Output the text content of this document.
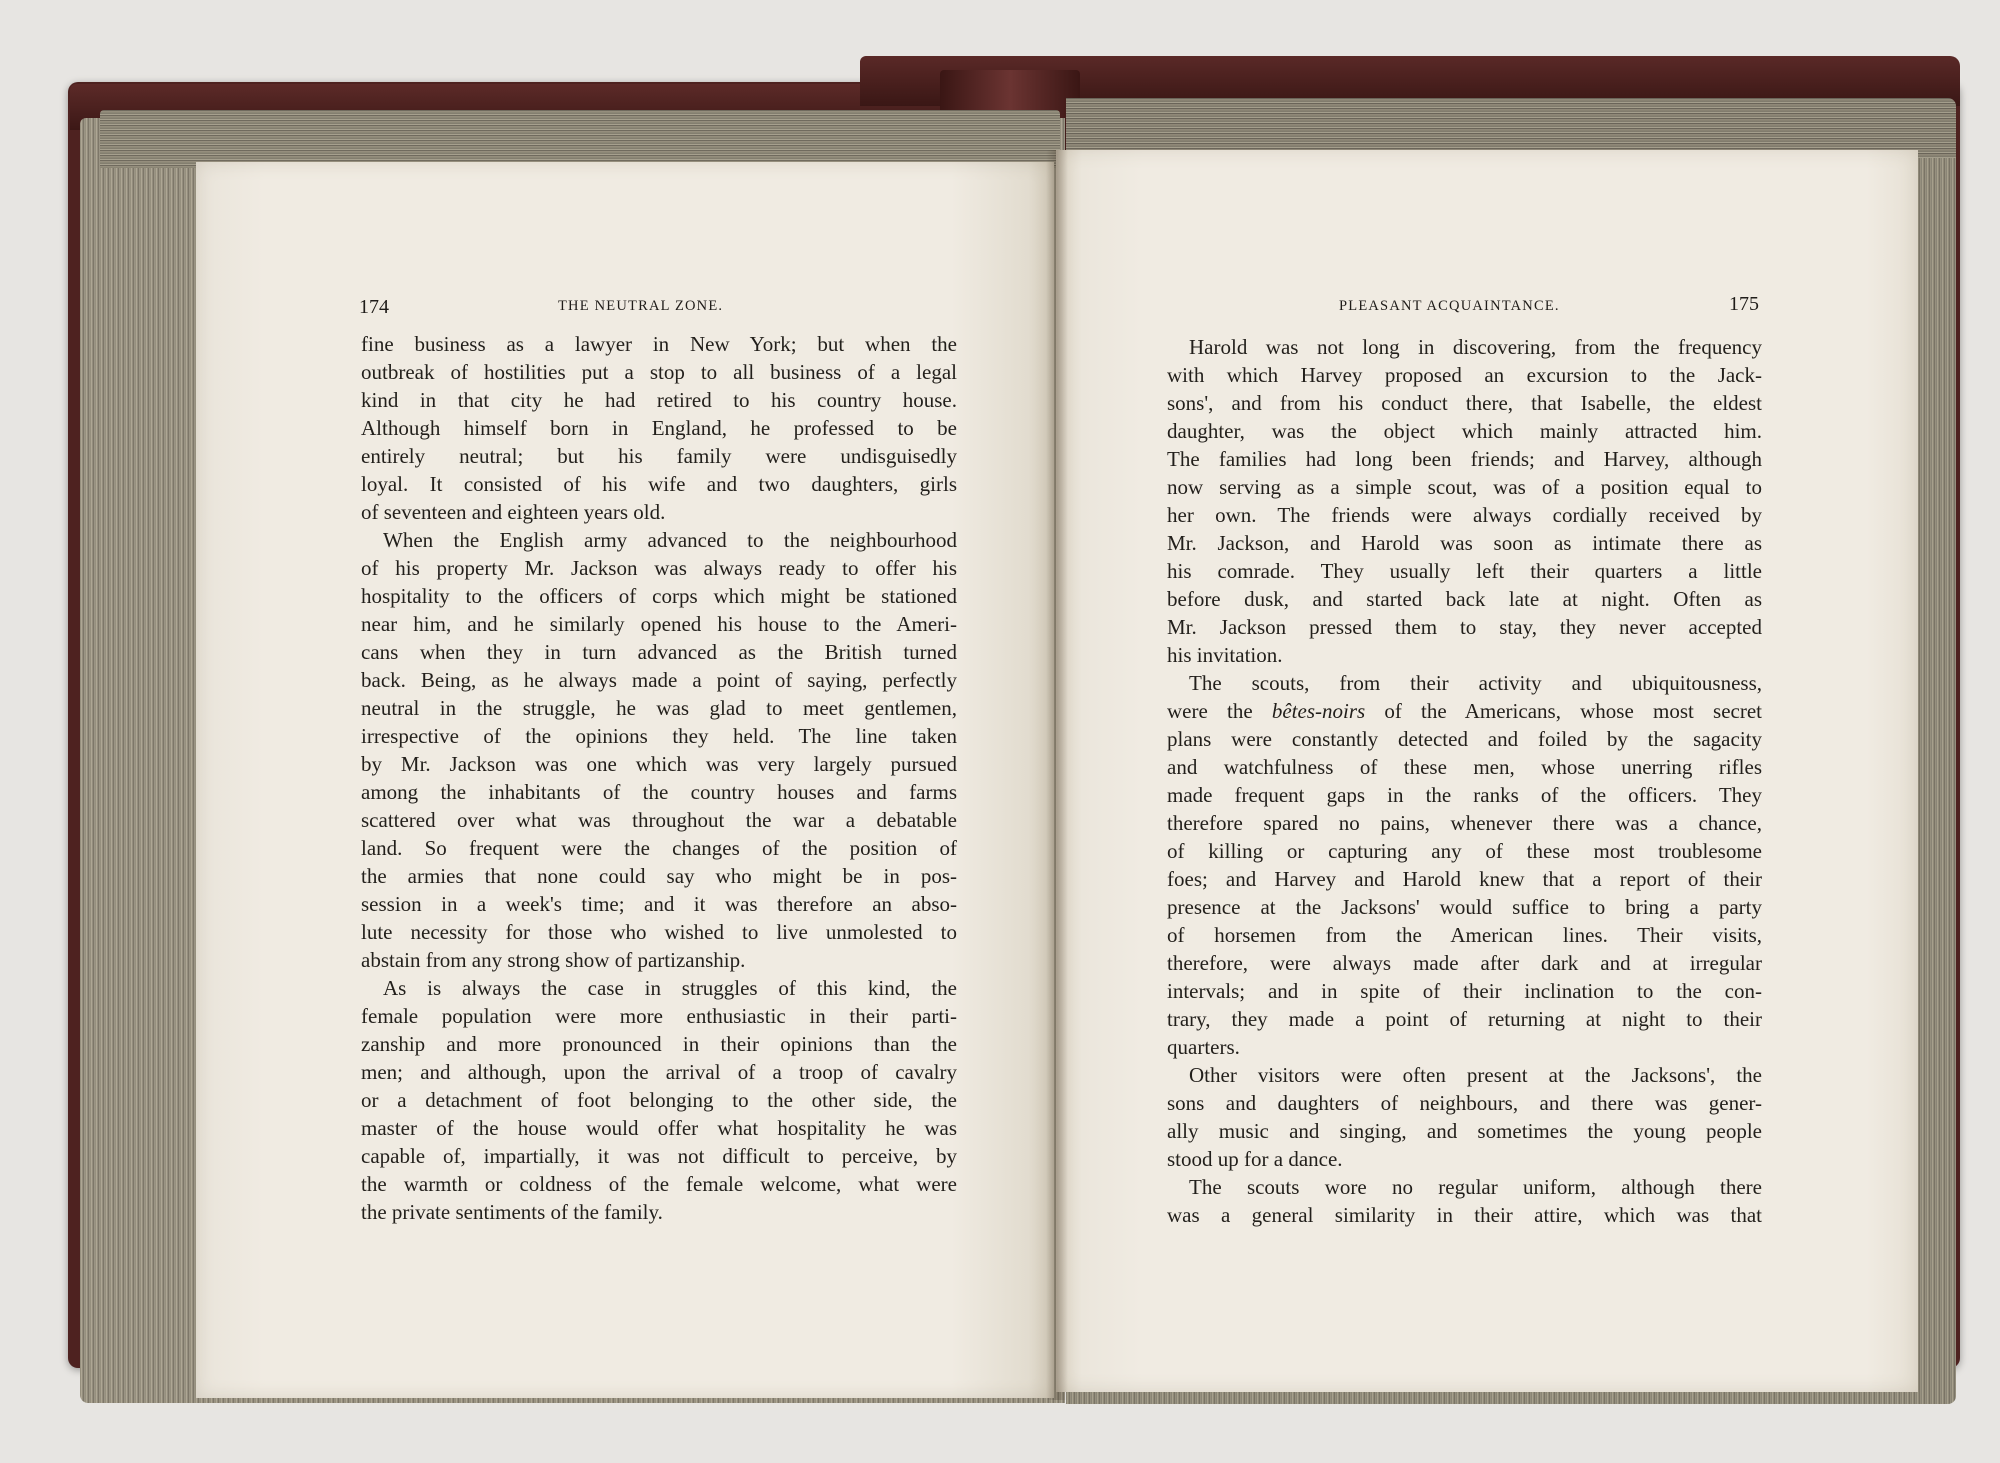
174	THE NEUTRAL ZONE.	PLEASANT ACQUAINTANCE.	175
fine business as a lawyer in New York; but when the
outbreak of hostilities put a stop to all business of a legal
kind in that city he had retired to his country house.
Although himself born in England, he professed to be
entirely neutral; but his family were undisguisedly
loyal. It consisted of his wife and two daughters, girls
of seventeen and eighteen years old.
When the English army advanced to the neighbourhood
of his property Mr. Jackson was always ready to offer his
hospitality to the officers of corps which might be stationed
near him, and he similarly opened his house to the Ameri-
cans when they in turn advanced as the British turned
back. Being, as he always made a point of saying, perfectly
neutral in the struggle, he was glad to meet gentlemen,
irrespective of the opinions they held. The line taken
by Mr. Jackson was one which was very largely pursued
among the inhabitants of the country houses and farms
scattered over what was throughout the war a debatable
land. So frequent were the changes of the position of
the armies that none could say who might be in pos-
session in a week's time; and it was therefore an abso-
lute necessity for those who wished to live unmolested to
abstain from any strong show of partizanship.
As is always the case in struggles of this kind, the
female population were more enthusiastic in their parti-
zanship and more pronounced in their opinions than the
men; and although, upon the arrival of a troop of cavalry
or a detachment of foot belonging to the other side, the
master of the house would offer what hospitality he was
capable of, impartially, it was not difficult to perceive, by
the warmth or coldness of the female welcome, what were
the private sentiments of the family.
Harold was not long in discovering, from the frequency
with which Harvey proposed an excursion to the Jack-
sons', and from his conduct there, that Isabelle, the eldest
daughter, was the object which mainly attracted him.
The families had long been friends; and Harvey, although
now serving as a simple scout, was of a position equal to
her own. The friends were always cordially received by
Mr. Jackson, and Harold was soon as intimate there as
his comrade. They usually left their quarters a little
before dusk, and started back late at night. Often as
Mr. Jackson pressed them to stay, they never accepted
his invitation.
The scouts, from their activity and ubiquitousness,
were the bêtes-noirs of the Americans, whose most secret
plans were constantly detected and foiled by the sagacity
and watchfulness of these men, whose unerring rifles
made frequent gaps in the ranks of the officers. They
therefore spared no pains, whenever there was a chance,
of killing or capturing any of these most troublesome
foes; and Harvey and Harold knew that a report of their
presence at the Jacksons' would suffice to bring a party
of horsemen from the American lines. Their visits,
therefore, were always made after dark and at irregular
intervals; and in spite of their inclination to the con-
trary, they made a point of returning at night to their
quarters.
Other visitors were often present at the Jacksons', the
sons and daughters of neighbours, and there was gener-
ally music and singing, and sometimes the young people
stood up for a dance.
The scouts wore no regular uniform, although there
was a general similarity in their attire, which was that
